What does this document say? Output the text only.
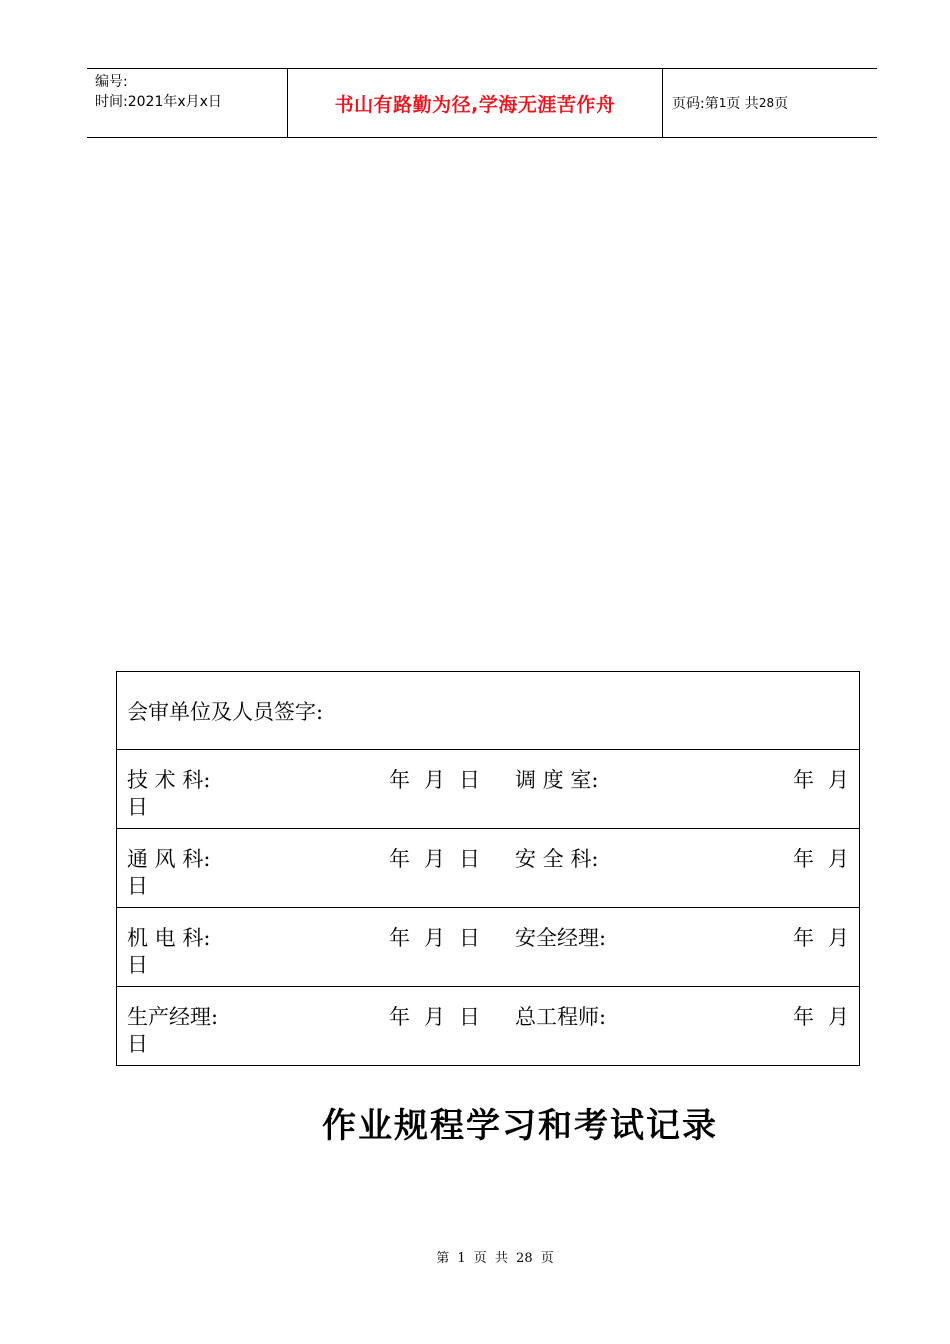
编号:
时间:2021年x月x日	书山有路勤为径,学海无涯苦作舟	页码:第 1 页 共 28 页
会审单位及人员签字:

技 术 科:	年月日 调 度 室:	年月
日

通 风 科:	年月日 安 全 科:	年月
日

机 电 科:	年月日 安全经理:	年月
日

生产经理:	年月日 总工程师:	年月
日
作业规程学习和考试记录
第 1 页 共 28 页
